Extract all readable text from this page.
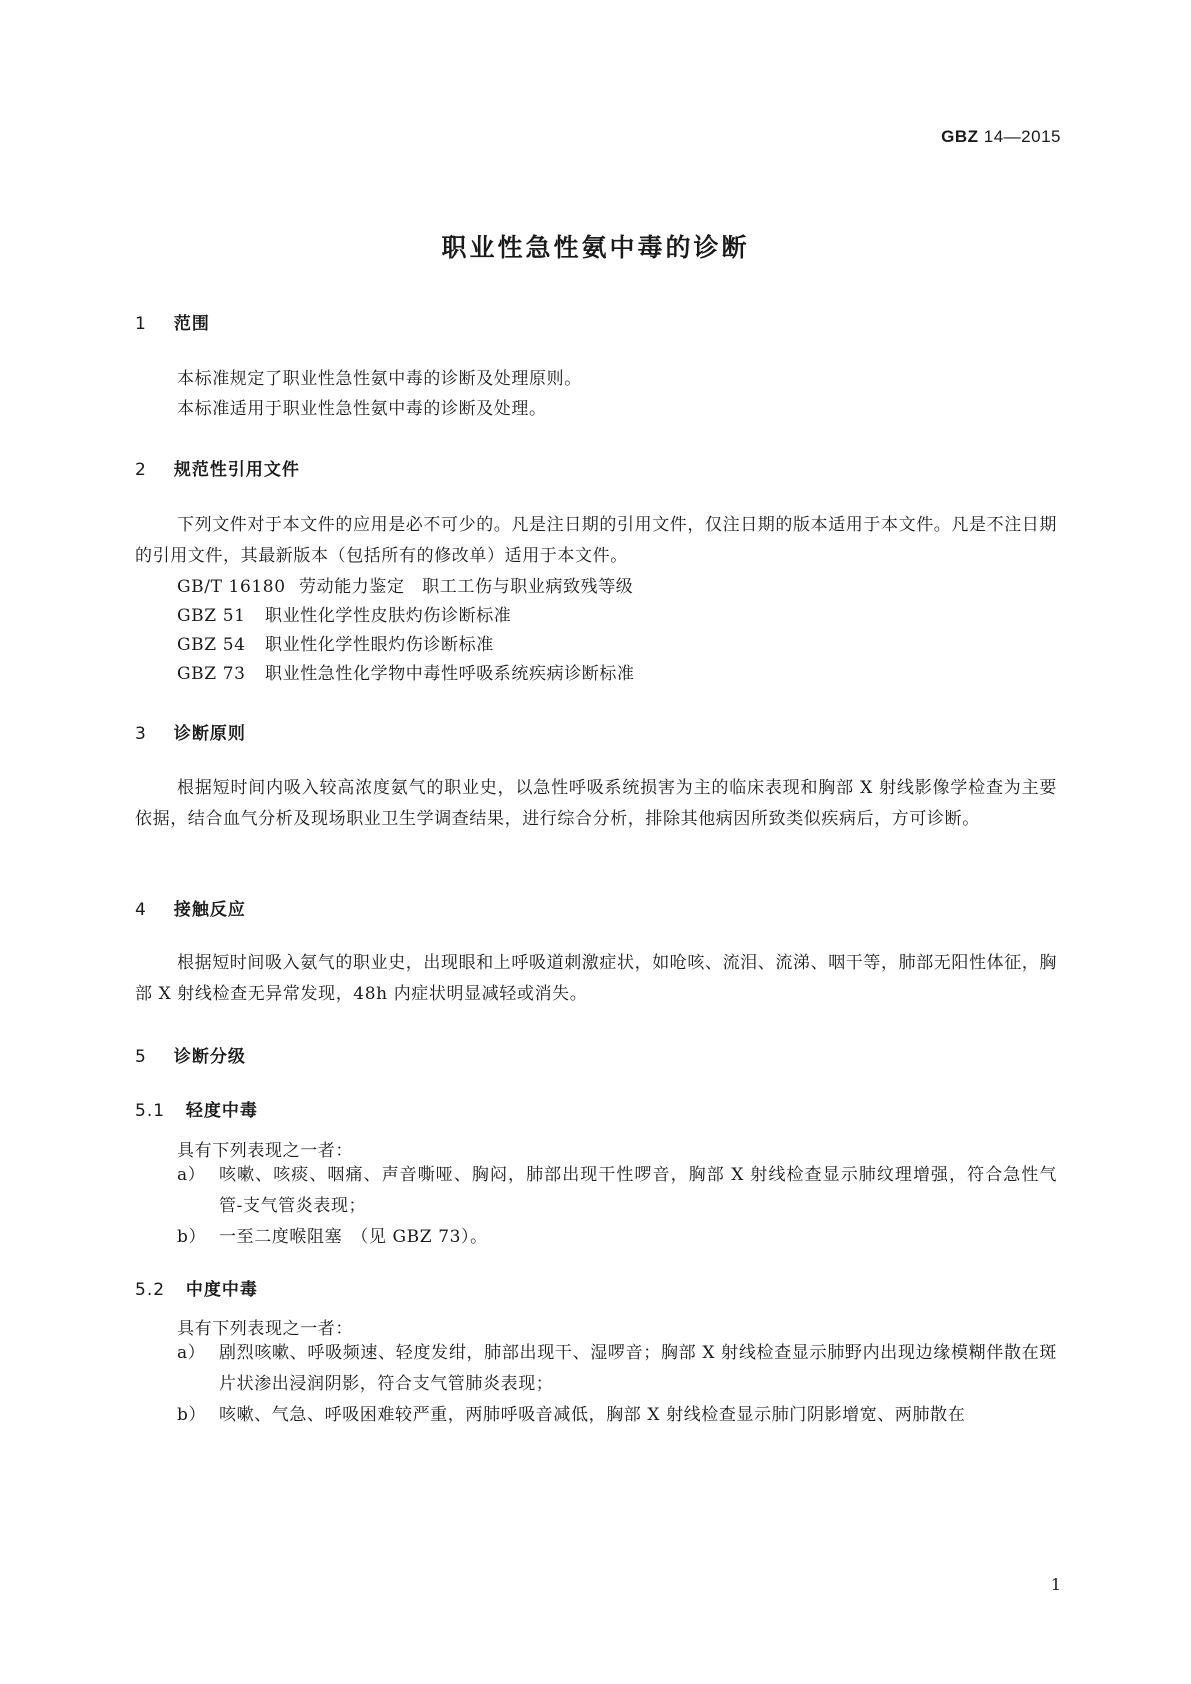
GBZ 14—2015
职业性急性氨中毒的诊断
1 范围
本标准规定了职业性急性氨中毒的诊断及处理原则。
本标准适用于职业性急性氨中毒的诊断及处理。
2 规范性引用文件
下列文件对于本文件的应用是必不可少的。凡是注日期的引用文件，仅注日期的版本适用于本文件。凡是不注日期的引用文件，其最新版本（包括所有的修改单）适用于本文件。
GB/T 16180 劳动能力鉴定　职工工伤与职业病致残等级
GBZ 51 职业性化学性皮肤灼伤诊断标准
GBZ 54 职业性化学性眼灼伤诊断标准
GBZ 73 职业性急性化学物中毒性呼吸系统疾病诊断标准
3 诊断原则
根据短时间内吸入较高浓度氨气的职业史，以急性呼吸系统损害为主的临床表现和胸部 X 射线影像学检查为主要依据，结合血气分析及现场职业卫生学调查结果，进行综合分析，排除其他病因所致类似疾病后，方可诊断。
4 接触反应
根据短时间吸入氨气的职业史，出现眼和上呼吸道刺激症状，如呛咳、流泪、流涕、咽干等，肺部无阳性体征，胸部 X 射线检查无异常发现，48h 内症状明显减轻或消失。
5 诊断分级
5.1 轻度中毒
具有下列表现之一者：
a） 咳嗽、咳痰、咽痛、声音嘶哑、胸闷，肺部出现干性啰音，胸部 X 射线检查显示肺纹理增强，符合急性气管-支气管炎表现；
b） 一至二度喉阻塞　（见 GBZ 73）。
5.2 中度中毒
具有下列表现之一者：
a） 剧烈咳嗽、呼吸频速、轻度发绀，肺部出现干、湿啰音；胸部 X 射线检查显示肺野内出现边缘模糊伴散在斑片状渗出浸润阴影，符合支气管肺炎表现；
b） 咳嗽、气急、呼吸困难较严重，两肺呼吸音减低，胸部 X 射线检查显示肺门阴影增宽、两肺散在
1
